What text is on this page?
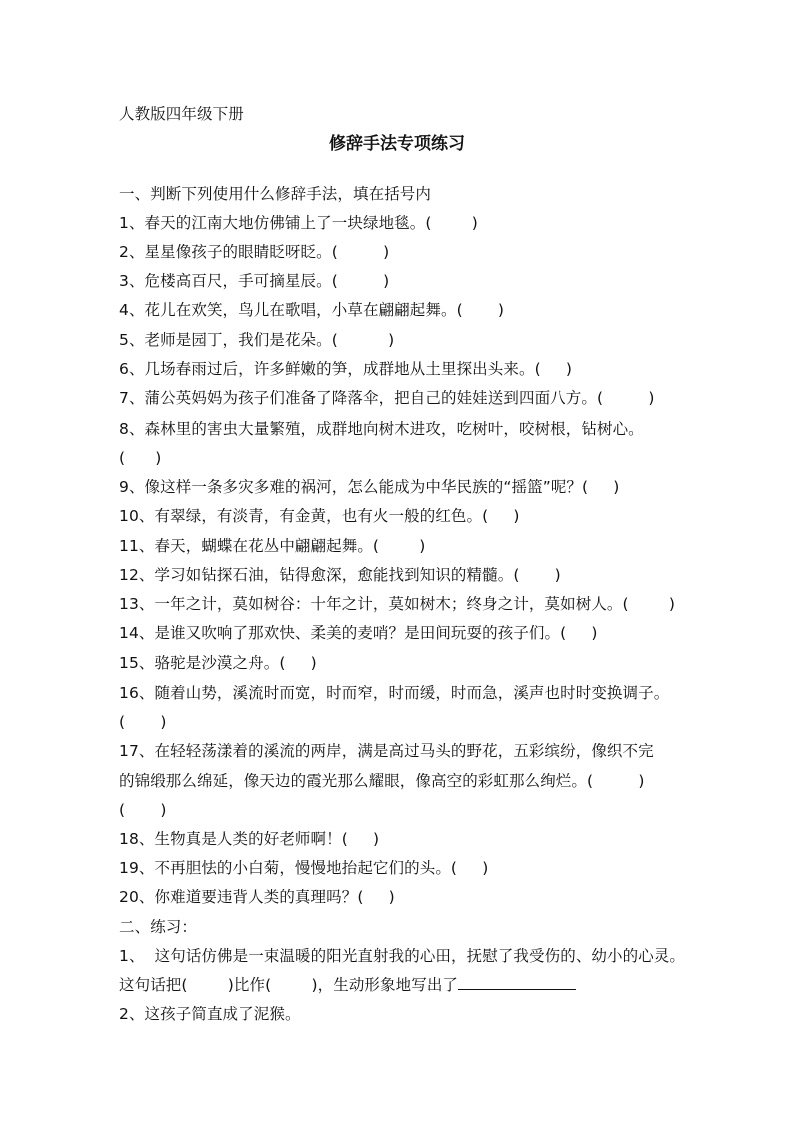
人教版四年级下册
修辞手法专项练习
一、判断下列使用什么修辞手法，填在括号内
1、春天的江南大地仿佛铺上了一块绿地毯。(        )
2、星星像孩子的眼睛眨呀眨。(         )
3、危楼高百尺，手可摘星辰。(         )
4、花儿在欢笑，鸟儿在歌唱，小草在翩翩起舞。(       )
5、老师是园丁，我们是花朵。(          )
6、几场春雨过后，许多鲜嫩的笋，成群地从土里探出头来。(     )
7、蒲公英妈妈为孩子们准备了降落伞，把自己的娃娃送到四面八方。(         )
8、森林里的害虫大量繁殖，成群地向树木进攻，吃树叶，咬树根，钻树心。
(      )
9、像这样一条多灾多难的祸河，怎么能成为中华民族的“摇篮”呢？(     )
10、有翠绿，有淡青，有金黄，也有火一般的红色。(     )
11、春天，蝴蝶在花丛中翩翩起舞。(        )
12、学习如钻探石油，钻得愈深，愈能找到知识的精髓。(       )
13、一年之计，莫如树谷：十年之计，莫如树木；终身之计，莫如树人。(        )
14、是谁又吹响了那欢快、柔美的麦哨？是田间玩耍的孩子们。(     )
15、骆驼是沙漠之舟。(     )
16、随着山势，溪流时而宽，时而窄，时而缓，时而急，溪声也时时变换调子。
(       )
17、在轻轻荡漾着的溪流的两岸，满是高过马头的野花，五彩缤纷，像织不完
的锦缎那么绵延，像天边的霞光那么耀眼，像高空的彩虹那么绚烂。(         )
(       )
18、生物真是人类的好老师啊！(     )
19、不再胆怯的小白菊，慢慢地抬起它们的头。(     )
20、你难道要违背人类的真理吗？(     )
二、练习：
1、  这句话仿佛是一束温暖的阳光直射我的心田，抚慰了我受伤的、幼小的心灵。
这句话把(        )比作(        )，生动形象地写出了
2、这孩子简直成了泥猴。
